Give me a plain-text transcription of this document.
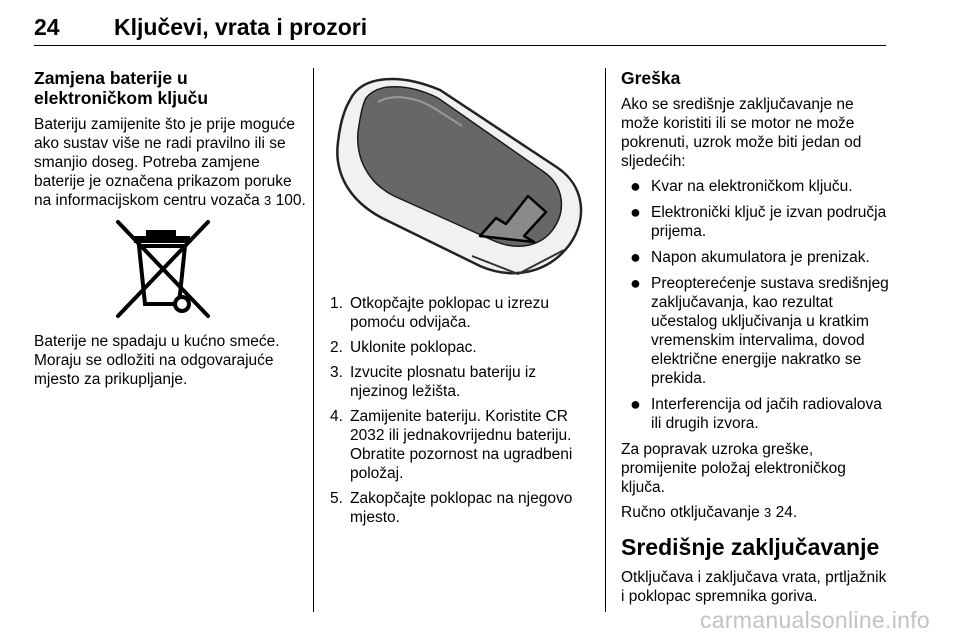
24 Ključevi, vrata i prozori
Zamjena baterije u elektroničkom ključu

Bateriju zamijenite što je prije moguće ako sustav više ne radi pravilno ili se smanjio doseg. Potreba zamjene baterije je označena prikazom poruke na informacijskom centru vozača 3 100.

Baterije ne spadaju u kućno smeće. Moraju se odložiti na odgovarajuće mjesto za prikupljanje.

1. Otkopčajte poklopac u izrezu pomoću odvijača.
2. Uklonite poklopac.
3. Izvucite plosnatu bateriju iz njezinog ležišta.
4. Zamijenite bateriju. Koristite CR 2032 ili jednakovrijednu bateriju. Obratite pozornost na ugradbeni položaj.
5. Zakopčajte poklopac na njegovo mjesto.
Greška

Ako se središnje zaključavanje ne može koristiti ili se motor ne može pokrenuti, uzrok može biti jedan od sljedećih:

● Kvar na elektroničkom ključu.
● Elektronički ključ je izvan područja prijema.
● Napon akumulatora je prenizak.
● Preopterećenje sustava središnjeg zaključavanja, kao rezultat učestalog uključivanja u kratkim vremenskim intervalima, dovod električne energije nakratko se prekida.
● Interferencija od jačih radiovalova ili drugih izvora.

Za popravak uzroka greške, promijenite položaj elektroničkog ključa.

Ručno otključavanje 3 24.

Središnje zaključavanje

Otključava i zaključava vrata, prtljažnik i poklopac spremnika goriva.

carmanualsonline.info
